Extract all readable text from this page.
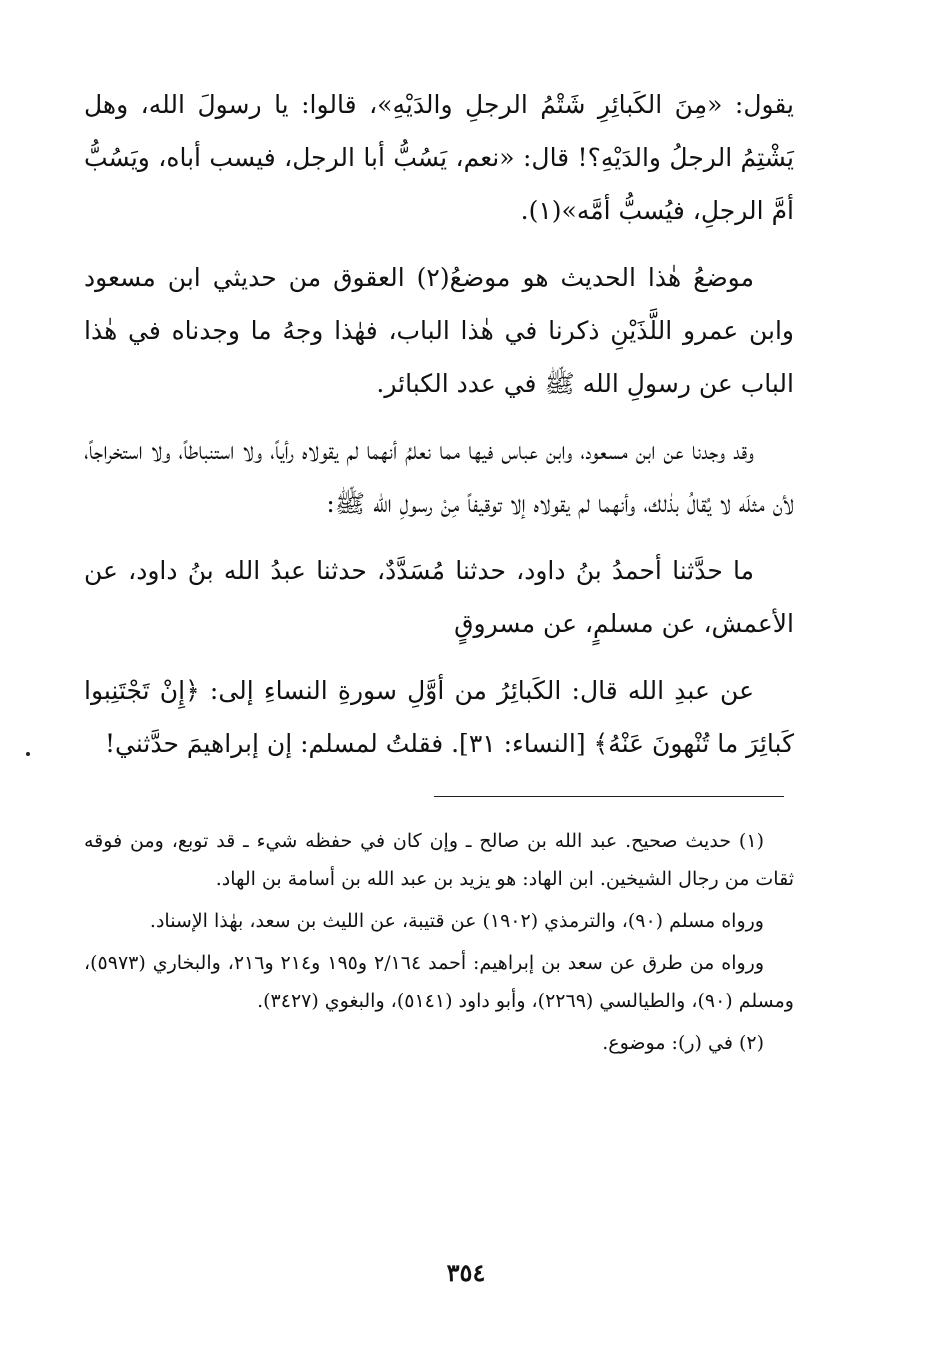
يقول: «مِنَ الكَبائِرِ شَتْمُ الرجلِ والدَيْهِ»، قالوا: يا رسولَ الله، وهل يَشْتِمُ الرجلُ والدَيْهِ؟! قال: «نعم، يَسُبُّ أبا الرجل، فيسب أباه، ويَسُبُّ أمَّ الرجلِ، فيُسبُّ أمَّه»(١).

موضعُ هٰذا الحديث هو موضعُ(٢) العقوق من حديثي ابن مسعود وابن عمرو اللَّذَيْنِ ذكرنا في هٰذا الباب، فهٰذا وجهُ ما وجدناه في هٰذا الباب عن رسولِ الله ﷺ في عدد الكبائر.

وقد وجدنا عن ابن مسعود، وابن عباس فيها مما نعلمُ أنهما لم يقولاه رأياً، ولا استنباطاً، ولا استخراجاً، لأن مثلَه لا يُقالُ بذٰلك، وأنهما لم يقولاه إلا توقيفاً مِنْ رسولِ الله ﷺ:

ما حدَّثنا أحمدُ بنُ داود، حدثنا مُسَدَّدٌ، حدثنا عبدُ الله بنُ داود، عن الأعمش، عن مسلمٍ، عن مسروقٍ

عن عبدِ الله قال: الكَبائِرُ من أوَّلِ سورةِ النساءِ إلى: ﴿إِنْ تَجْتَنِبوا كَبائِرَ ما تُنْهونَ عَنْهُ﴾ [النساء: ٣١]. فقلتُ لمسلم: إن إبراهيمَ حدَّثني!

(١) حديث صحيح. عبد الله بن صالح ـ وإن كان في حفظه شيء ـ قد توبع، ومن فوقه ثقات من رجال الشيخين. ابن الهاد: هو يزيد بن عبد الله بن أسامة بن الهاد.

ورواه مسلم (٩٠)، والترمذي (١٩٠٢) عن قتيبة، عن الليث بن سعد، بهٰذا الإسناد.

ورواه من طرق عن سعد بن إبراهيم: أحمد ٢/١٦٤ و١٩٥ و٢١٤ و٢١٦، والبخاري (٥٩٧٣)، ومسلم (٩٠)، والطيالسي (٢٢٦٩)، وأبو داود (٥١٤١)، والبغوي (٣٤٢٧).

(٢) في (ر): موضوع.

٣٥٤
